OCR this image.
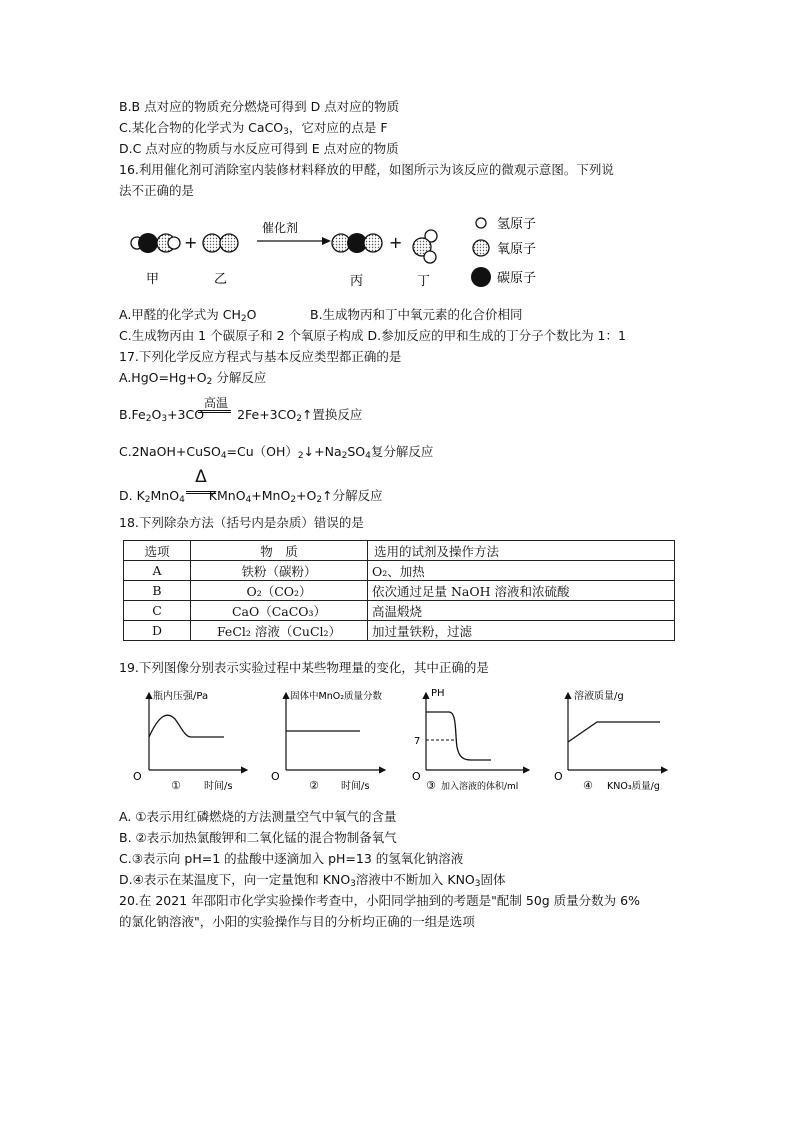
B.B 点对应的物质充分燃烧可得到 D 点对应的物质
C.某化合物的化学式为 CaCO$_3$，它对应的点是 F
D.C 点对应的物质与水反应可得到 E 点对应的物质
16.利用催化剂可消除室内装修材料释放的甲醛，如图所示为该反应的微观示意图。下列说
法不正确的是
+
催化剂
+
甲	乙	丙	丁
氢原子
氧原子
碳原子
A.甲醛的化学式为 $CH_2O$	B.生成物丙和丁中氧元素的化合价相同
C.生成物丙由 1 个碳原子和 2 个氧原子构成 D.参加反应的甲和生成的丁分子个数比为 1：1
17.下列化学反应方程式与基本反应类型都正确的是
$A.HgO=Hg+O_2$ 分解反应
高温
$B.Fe_2O_3+3CO$	$2Fe+3CO_2↑$置换反应
$C.2NaOH+CuSO_4=Cu(OH)_2↓+Na_2SO_4$复分解反应
Δ
D. $K_2MnO_4$ $KMnO_4+MnO_2+O_2↑$分解反应
18.下列除杂方法（括号内是杂质）错误的是
选项	物　质	选用的试剂及操作方法
A	铁粉（碳粉）	O₂、加热
B	O₂（CO₂）	依次通过足量 NaOH 溶液和浓硫酸
C	CaO（CaCO₃）	高温煅烧
D	FeCl₂ 溶液（CuCl₂）	加过量铁粉，过滤
19.下列图像分别表示实验过程中某些物理量的变化，其中正确的是
瓶内压强/Pa
O
① 时间/s
固体中MnO₂质量分数
O
② 时间/s
PH
O
7
③ 加入溶液的体积/ml
溶液质量/g
O
④ KNO₃质量/g
A. ①表示用红磷燃烧的方法测量空气中氧气的含量
B. ②表示加热氯酸钾和二氧化锰的混合物制备氧气
C.③表示向 pH=1 的盐酸中逐滴加入 pH=13 的氢氧化钠溶液
D.④表示在某温度下，向一定量饱和 $KNO_3$溶液中不断加入 $KNO_3$固体
20.在 2021 年邵阳市化学实验操作考查中，小阳同学抽到的考题是"配制 50g 质量分数为 6%
的氯化钠溶液"，小阳的实验操作与目的分析均正确的一组是选项
